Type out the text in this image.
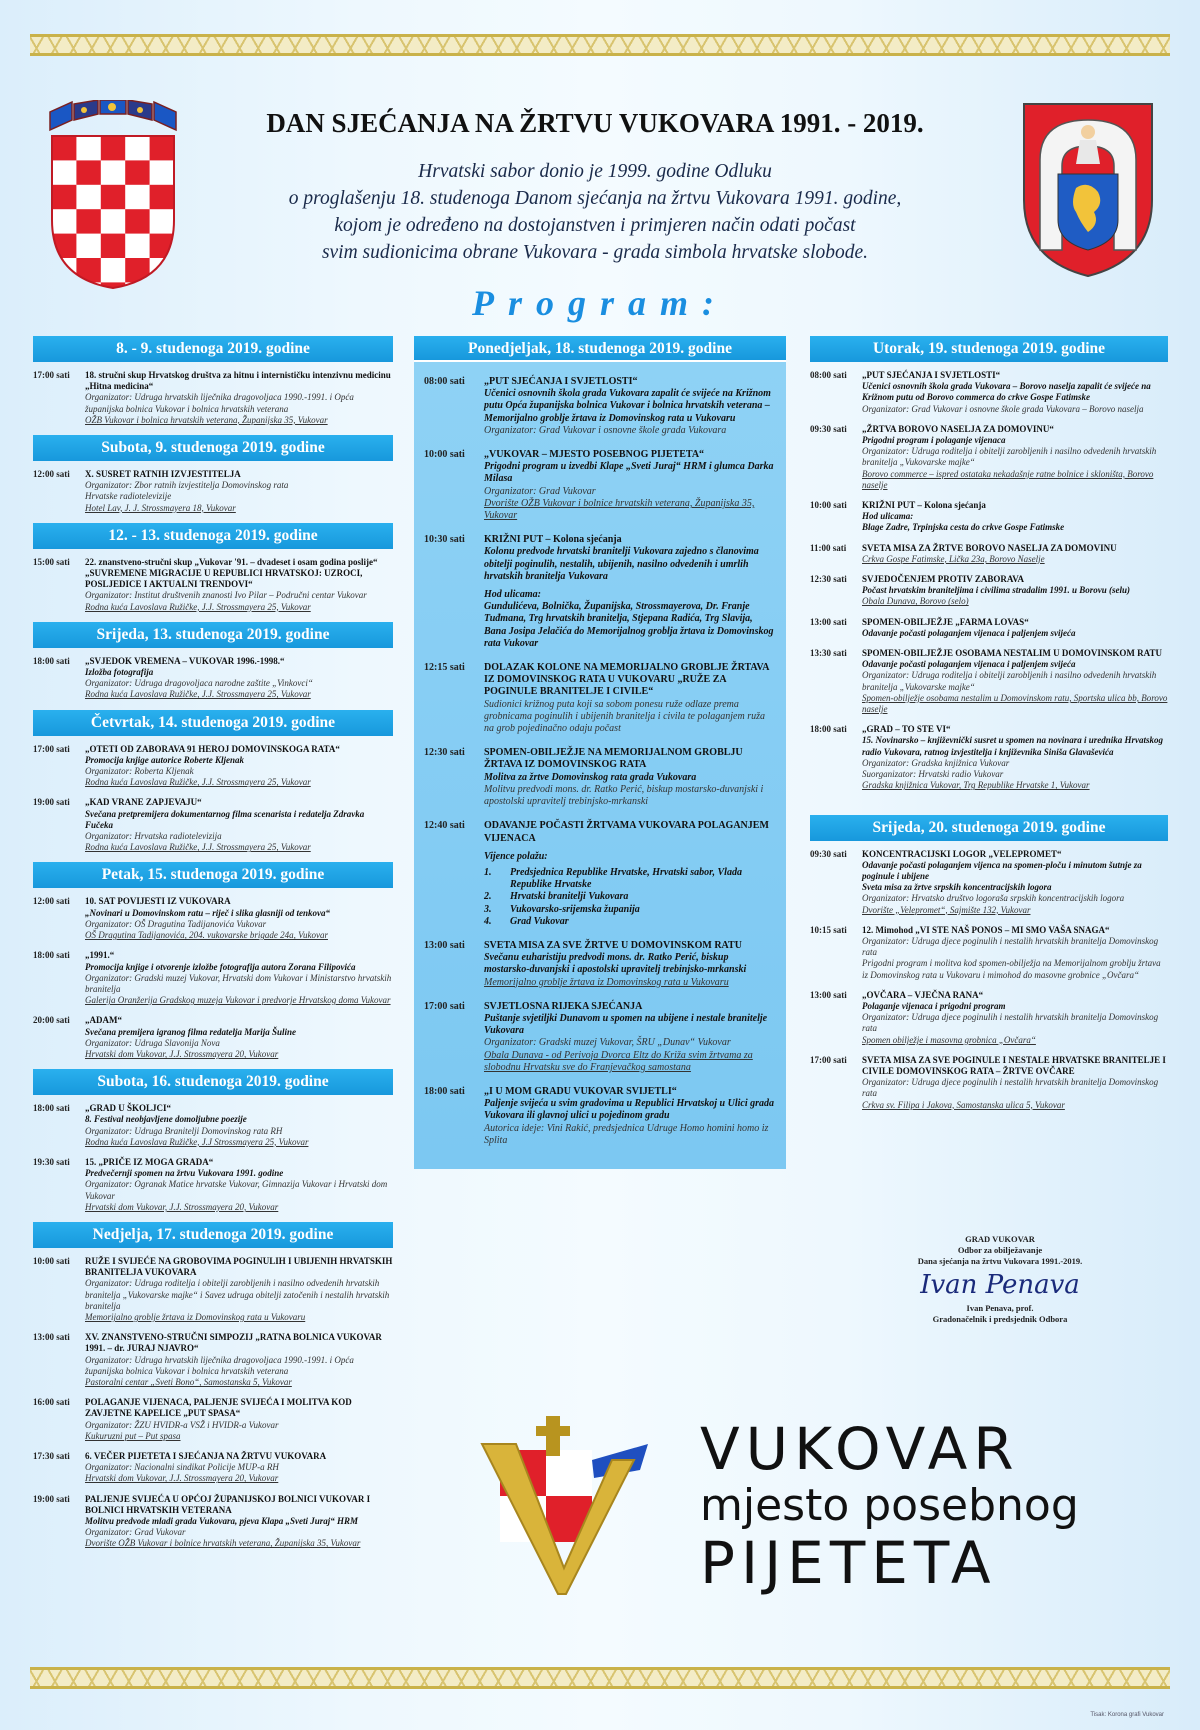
DAN SJEĆANJA NA ŽRTVU VUKOVARA 1991. - 2019.
Hrvatski sabor donio je 1999. godine Odluku
o proglašenju 18. studenoga Danom sjećanja na žrtvu Vukovara 1991. godine,
kojom je određeno na dostojanstven i primjeren način odati počast
svim sudionicima obrane Vukovara - grada simbola hrvatske slobode.
Program:
8. - 9. studenoga 2019. godine
17:00 sati	18. stručni skup Hrvatskog društva za hitnu i internističku intenzivnu medicinu „Hitna medicina“
Organizator: Udruga hrvatskih liječnika dragovoljaca 1990.-1991. i Opća županijska bolnica Vukovar i bolnica hrvatskih veterana
OŽB Vukovar i bolnica hrvatskih veterana, Županijska 35, Vukovar
Subota, 9. studenoga 2019. godine
12:00 sati	X. SUSRET RATNIH IZVJESTITELJA
Organizator: Zbor ratnih izvjestitelja Domovinskog rata
Hrvatske radiotelevizije
Hotel Lav, J. J. Strossmayera 18, Vukovar
12. - 13. studenoga 2019. godine
15:00 sati	22. znanstveno-stručni skup „Vukovar '91. – dvadeset i osam godina poslije“ „SUVREMENE MIGRACIJE U REPUBLICI HRVATSKOJ: UZROCI, POSLJEDICE I AKTUALNI TRENDOVI“
Organizator: Institut društvenih znanosti Ivo Pilar – Područni centar Vukovar
Rodna kuća Lavoslava Ružičke, J.J. Strossmayera 25, Vukovar
Srijeda, 13. studenoga 2019. godine
18:00 sati	„SVJEDOK VREMENA – VUKOVAR 1996.-1998.“
Izložba fotografija
Organizator: Udruga dragovoljaca narodne zaštite „Vinkovci“
Rodna kuća Lavoslava Ružičke, J.J. Strossmayera 25, Vukovar
Četvrtak, 14. studenoga 2019. godine
17:00 sati	„OTETI OD ZABORAVA 91 HEROJ DOMOVINSKOGA RATA“
Promocija knjige autorice Roberte Kljenak
Organizator: Roberta Kljenak
Rodna kuća Lavoslava Ružičke, J.J. Strossmayera 25, Vukovar
19:00 sati	„KAD VRANE ZAPJEVAJU“
Svečana pretpremijera dokumentarnog filma scenarista i redatelja Zdravka Fučeka
Organizator: Hrvatska radiotelevizija
Rodna kuća Lavoslava Ružičke, J.J. Strossmayera 25, Vukovar
Petak, 15. studenoga 2019. godine
12:00 sati	10. SAT POVIJESTI IZ VUKOVARA
„Novinari u Domovinskom ratu – riječ i slika glasniji od tenkova“
Organizator: OŠ Dragutina Tadijanovića Vukovar
OŠ Dragutina Tadijanovića, 204. vukovarske brigade 24a, Vukovar
18:00 sati	„1991.“
Promocija knjige i otvorenje izložbe fotografija autora Zorana Filipovića
Organizator: Gradski muzej Vukovar, Hrvatski dom Vukovar i Ministarstvo hrvatskih branitelja
Galerija Oranžerija Gradskog muzeja Vukovar i predvorje Hrvatskog doma Vukovar
20:00 sati	„ADAM“
Svečana premijera igranog filma redatelja Marija Šuline
Organizator: Udruga Slavonija Nova
Hrvatski dom Vukovar, J.J. Strossmayera 20, Vukovar
Subota, 16. studenoga 2019. godine
18:00 sati	„GRAD U ŠKOLJCI“
8. Festival neobjavljene domoljubne poezije
Organizator: Udruga Branitelji Domovinskog rata RH
Rodna kuća Lavoslava Ružičke, J.J Strossmayera 25, Vukovar
19:30 sati	15. „PRIČE IZ MOGA GRADA“
Predvečernji spomen na žrtvu Vukovara 1991. godine
Organizator: Ogranak Matice hrvatske Vukovar, Gimnazija Vukovar i Hrvatski dom Vukovar
Hrvatski dom Vukovar, J.J. Strossmayera 20, Vukovar
Nedjelja, 17. studenoga 2019. godine
10:00 sati	RUŽE I SVIJEĆE NA GROBOVIMA POGINULIH I UBIJENIH HRVATSKIH BRANITELJA VUKOVARA
Organizator: Udruga roditelja i obitelji zarobljenih i nasilno odvedenih hrvatskih branitelja „Vukovarske majke“ i Savez udruga obitelji zatočenih i nestalih hrvatskih branitelja
Memorijalno groblje žrtava iz Domovinskog rata u Vukovaru
13:00 sati	XV. ZNANSTVENO-STRUČNI SIMPOZIJ „RATNA BOLNICA VUKOVAR 1991. – dr. JURAJ NJAVRO“
Organizator: Udruga hrvatskih liječnika dragovoljaca 1990.-1991. i Opća županijska bolnica Vukovar i bolnica hrvatskih veterana
Pastoralni centar „Sveti Bono“, Samostanska 5, Vukovar
16:00 sati	POLAGANJE VIJENACA, PALJENJE SVIJEĆA I MOLITVA KOD ZAVJETNE KAPELICE „PUT SPASA“
Organizator: ŽZU HVIDR-a VSŽ i HVIDR-a Vukovar
Kukuruzni put – Put spasa
17:30 sati	6. VEČER PIJETETA I SJEĆANJA NA ŽRTVU VUKOVARA
Organizator: Nacionalni sindikat Policije MUP-a RH
Hrvatski dom Vukovar, J.J. Strossmayera 20, Vukovar
19:00 sati	PALJENJE SVIJEĆA U OPĆOJ ŽUPANIJSKOJ BOLNICI VUKOVAR I BOLNICI HRVATSKIH VETERANA
Molitvu predvode mladi grada Vukovara, pjeva Klapa „Sveti Juraj“ HRM
Organizator: Grad Vukovar
Dvorište OŽB Vukovar i bolnice hrvatskih veterana, Županijska 35, Vukovar
Ponedjeljak, 18. studenoga 2019. godine
08:00 sati	„PUT SJEĆANJA I SVJETLOSTI“
Učenici osnovnih škola grada Vukovara zapalit će svijeće na Križnom putu Opća županijska bolnica Vukovar i bolnica hrvatskih veterana – Memorijalno groblje žrtava iz Domovinskog rata u Vukovaru
Organizator: Grad Vukovar i osnovne škole grada Vukovara
10:00 sati	„VUKOVAR – MJESTO POSEBNOG PIJETETA“
Prigodni program u izvedbi Klape „Sveti Juraj“ HRM i glumca Darka Milasa
Organizator: Grad Vukovar
Dvorište OŽB Vukovar i bolnice hrvatskih veterana, Županijska 35, Vukovar
10:30 sati	KRIŽNI PUT – Kolona sjećanja
Kolonu predvode hrvatski branitelji Vukovara zajedno s članovima obitelji poginulih, nestalih, ubijenih, nasilno odvedenih i umrlih hrvatskih branitelja Vukovara
Hod ulicama:
Gundulićeva, Bolnička, Županijska, Strossmayerova, Dr. Franje Tuđmana, Trg hrvatskih branitelja, Stjepana Radića, Trg Slavija, Bana Josipa Jelačića do Memorijalnog groblja žrtava iz Domovinskog rata Vukovar
12:15 sati	DOLAZAK KOLONE NA MEMORIJALNO GROBLJE ŽRTAVA IZ DOMOVINSKOG RATA U VUKOVARU „RUŽE ZA POGINULE BRANITELJE I CIVILE“
Sudionici križnog puta koji sa sobom ponesu ruže odlaze prema grobnicama poginulih i ubijenih branitelja i civila te polaganjem ruža na grob pojedinačno odaju počast
12:30 sati	SPOMEN-OBILJEŽJE NA MEMORIJALNOM GROBLJU ŽRTAVA IZ DOMOVINSKOG RATA
Molitva za žrtve Domovinskog rata grada Vukovara
Molitvu predvodi mons. dr. Ratko Perić, biskup mostarsko-duvanjski i apostolski upravitelj trebinjsko-mrkanski
12:40 sati	ODAVANJE POČASTI ŽRTVAMA VUKOVARA POLAGANJEM VIJENACA
Vijence polažu:
1.	Predsjednica Republike Hrvatske, Hrvatski sabor, Vlada Republike Hrvatske
2.	Hrvatski branitelji Vukovara
3.	Vukovarsko-srijemska županija
4.	Grad Vukovar
13:00 sati	SVETA MISA ZA SVE ŽRTVE U DOMOVINSKOM RATU
Svečanu euharistiju predvodi mons. dr. Ratko Perić, biskup mostarsko-duvanjski i apostolski upravitelj trebinjsko-mrkanski
Memorijalno groblje žrtava iz Domovinskog rata u Vukovaru
17:00 sati	SVJETLOSNA RIJEKA SJEĆANJA
Puštanje svjetiljki Dunavom u spomen na ubijene i nestale branitelje Vukovara
Organizator: Gradski muzej Vukovar, ŠRU „Dunav“ Vukovar
Obala Dunava - od Perivoja Dvorca Eltz do Križa svim žrtvama za slobodnu Hrvatsku sve do Franjevačkog samostana
18:00 sati	„I U MOM GRADU VUKOVAR SVIJETLI“
Paljenje svijeća u svim gradovima u Republici Hrvatskoj u Ulici grada Vukovara ili glavnoj ulici u pojedinom gradu
Autorica ideje: Vini Rakić, predsjednica Udruge Homo homini homo iz Splita
Utorak, 19. studenoga 2019. godine
08:00 sati	„PUT SJEĆANJA I SVJETLOSTI“
Učenici osnovnih škola grada Vukovara – Borovo naselja zapalit će svijeće na Križnom putu od Borovo commerca do crkve Gospe Fatimske
Organizator: Grad Vukovar i osnovne škole grada Vukovara – Borovo naselja
09:30 sati	„ŽRTVA BOROVO NASELJA ZA DOMOVINU“
Prigodni program i polaganje vijenaca
Organizator: Udruga roditelja i obitelji zarobljenih i nasilno odvedenih hrvatskih branitelja „Vukovarske majke“
Borovo commerce – ispred ostataka nekadašnje ratne bolnice i skloništa, Borovo naselje
10:00 sati	KRIŽNI PUT – Kolona sjećanja
Hod ulicama:
Blage Zadre, Trpinjska cesta do crkve Gospe Fatimske
11:00 sati	SVETA MISA ZA ŽRTVE BOROVO NASELJA ZA DOMOVINU
Crkva Gospe Fatimske, Lička 23a, Borovo Naselje
12:30 sati	SVJEDOČENJEM PROTIV ZABORAVA
Počast hrvatskim braniteljima i civilima stradalim 1991. u Borovu (selu)
Obala Dunava, Borovo (selo)
13:00 sati	SPOMEN-OBILJEŽJE „FARMA LOVAS“
Odavanje počasti polaganjem vijenaca i paljenjem svijeća
13:30 sati	SPOMEN-OBILJEŽJE OSOBAMA NESTALIM U DOMOVINSKOM RATU
Odavanje počasti polaganjem vijenaca i paljenjem svijeća
Organizator: Udruga roditelja i obitelji zarobljenih i nasilno odvedenih hrvatskih branitelja „Vukovarske majke“
Spomen-obilježje osobama nestalim u Domovinskom ratu, Sportska ulica bb, Borovo naselje
18:00 sati	„GRAD – TO STE VI“
15. Novinarsko – književnički susret u spomen na novinara i urednika Hrvatskog radio Vukovara, ratnog izvjestitelja i književnika Siniša Glavaševića
Organizator: Gradska knjižnica Vukovar
Suorganizator: Hrvatski radio Vukovar
Gradska knjižnica Vukovar, Trg Republike Hrvatske 1, Vukovar
Srijeda, 20. studenoga 2019. godine
09:30 sati	KONCENTRACIJSKI LOGOR „VELEPROMET“
Odavanje počasti polaganjem vijenca na spomen-ploču i minutom šutnje za poginule i ubijene
Sveta misa za žrtve srpskih koncentracijskih logora
Organizator: Hrvatsko društvo logoraša srpskih koncentracijskih logora
Dvorište „Velepromet“, Sajmište 132, Vukovar
10:15 sati	12. Mimohod „VI STE NAŠ PONOS – MI SMO VAŠA SNAGA“
Organizator: Udruga djece poginulih i nestalih hrvatskih branitelja Domovinskog rata
Prigodni program i molitva kod spomen-obilježja na Memorijalnom groblju žrtava iz Domovinskog rata u Vukovaru i mimohod do masovne grobnice „Ovčara“
13:00 sati	„OVČARA – VJEČNA RANA“
Polaganje vijenaca i prigodni program
Organizator: Udruga djece poginulih i nestalih hrvatskih branitelja Domovinskog rata
Spomen obilježje i masovna grobnica „Ovčara“
17:00 sati	SVETA MISA ZA SVE POGINULE I NESTALE HRVATSKE BRANITELJE I CIVILE DOMOVINSKOG RATA – ŽRTVE OVČARE
Organizator: Udruga djece poginulih i nestalih hrvatskih branitelja Domovinskog rata
Crkva sv. Filipa i Jakova, Samostanska ulica 5, Vukovar
GRAD VUKOVAR
Odbor za obilježavanje
Dana sjećanja na žrtvu Vukovara 1991.-2019.
Ivan Penava
Ivan Penava, prof.
Gradonačelnik i predsjednik Odbora
VUKOVAR
mjesto posebnog
PIJETETA
Tisak: Korona grafi Vukovar
